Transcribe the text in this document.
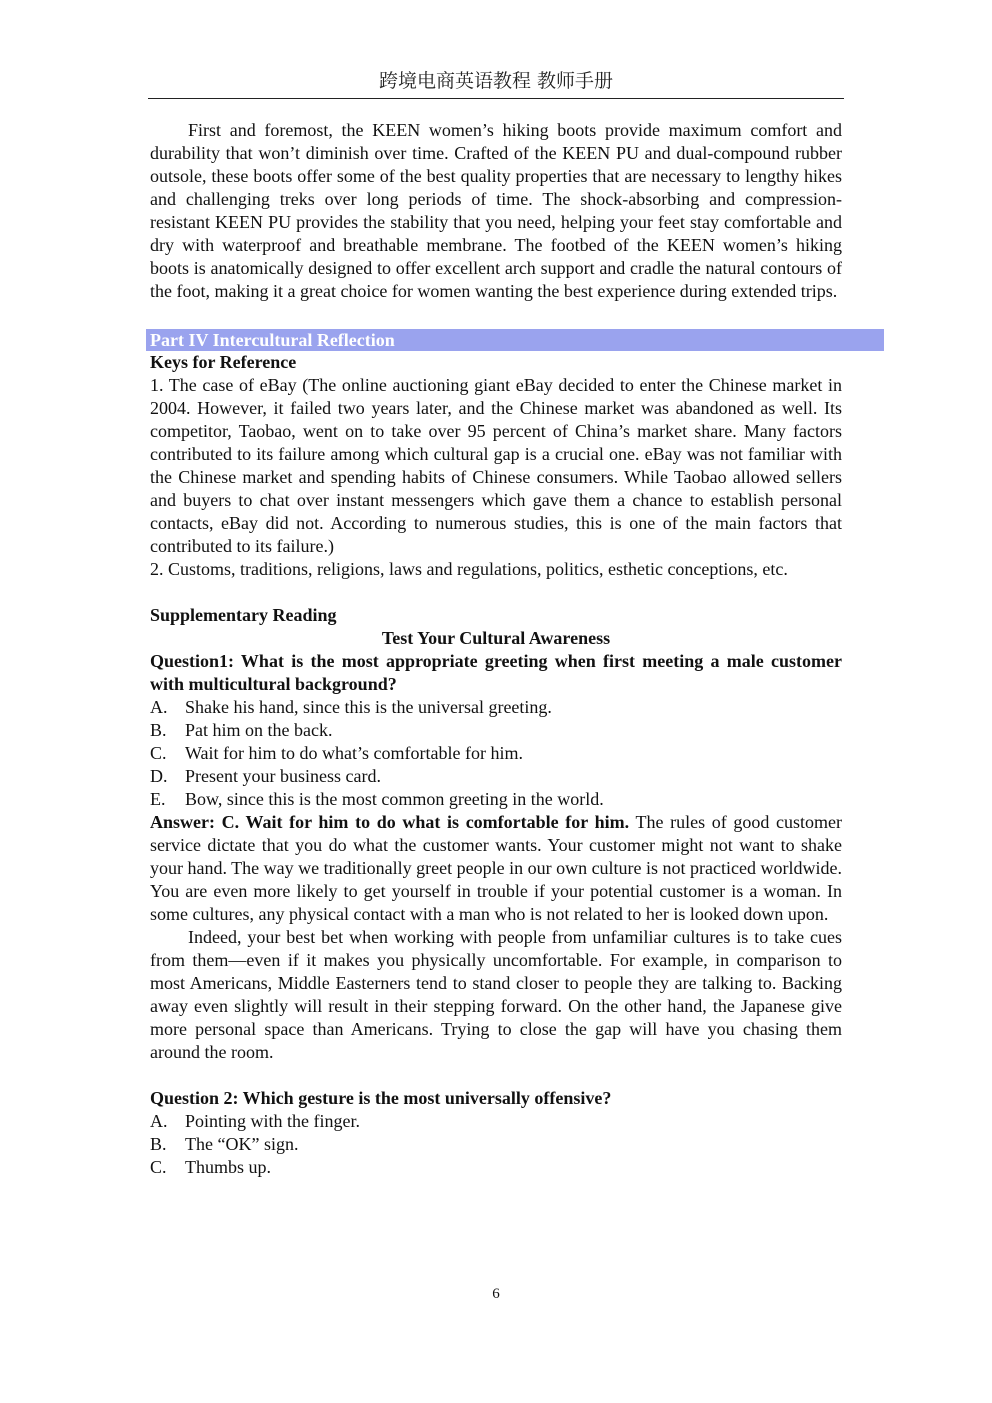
跨境电商英语教程 教师手册

First and foremost, the KEEN women’s hiking boots provide maximum comfort and durability that won’t diminish over time. Crafted of the KEEN PU and dual-compound rubber outsole, these boots offer some of the best quality properties that are necessary to lengthy hikes and challenging treks over long periods of time. The shock-absorbing and compression-resistant KEEN PU provides the stability that you need, helping your feet stay comfortable and dry with waterproof and breathable membrane. The footbed of the KEEN women’s hiking boots is anatomically designed to offer excellent arch support and cradle the natural contours of the foot, making it a great choice for women wanting the best experience during extended trips.

Part IV Intercultural Reflection

Keys for Reference

1. The case of eBay (The online auctioning giant eBay decided to enter the Chinese market in 2004. However, it failed two years later, and the Chinese market was abandoned as well. Its competitor, Taobao, went on to take over 95 percent of China’s market share. Many factors contributed to its failure among which cultural gap is a crucial one. eBay was not familiar with the Chinese market and spending habits of Chinese consumers. While Taobao allowed sellers and buyers to chat over instant messengers which gave them a chance to establish personal contacts, eBay did not. According to numerous studies, this is one of the main factors that contributed to its failure.)

2. Customs, traditions, religions, laws and regulations, politics, esthetic conceptions, etc.

Supplementary Reading

Test Your Cultural Awareness

Question1: What is the most appropriate greeting when first meeting a male customer with multicultural background?

A. Shake his hand, since this is the universal greeting.
B.	Pat him on the back.
C.	Wait for him to do what’s comfortable for him.
D. Present your business card.
E.	Bow, since this is the most common greeting in the world.

Answer: C. Wait for him to do what is comfortable for him. The rules of good customer service dictate that you do what the customer wants. Your customer might not want to shake your hand. The way we traditionally greet people in our own culture is not practiced worldwide. You are even more likely to get yourself in trouble if your potential customer is a woman. In some cultures, any physical contact with a man who is not related to her is looked down upon.

Indeed, your best bet when working with people from unfamiliar cultures is to take cues from them—even if it makes you physically uncomfortable. For example, in comparison to most Americans, Middle Easterners tend to stand closer to people they are talking to. Backing away even slightly will result in their stepping forward. On the other hand, the Japanese give more personal space than Americans. Trying to close the gap will have you chasing them around the room.

Question 2: Which gesture is the most universally offensive?

A. Pointing with the finger.
B.	The “OK” sign.
C.	Thumbs up.
6
